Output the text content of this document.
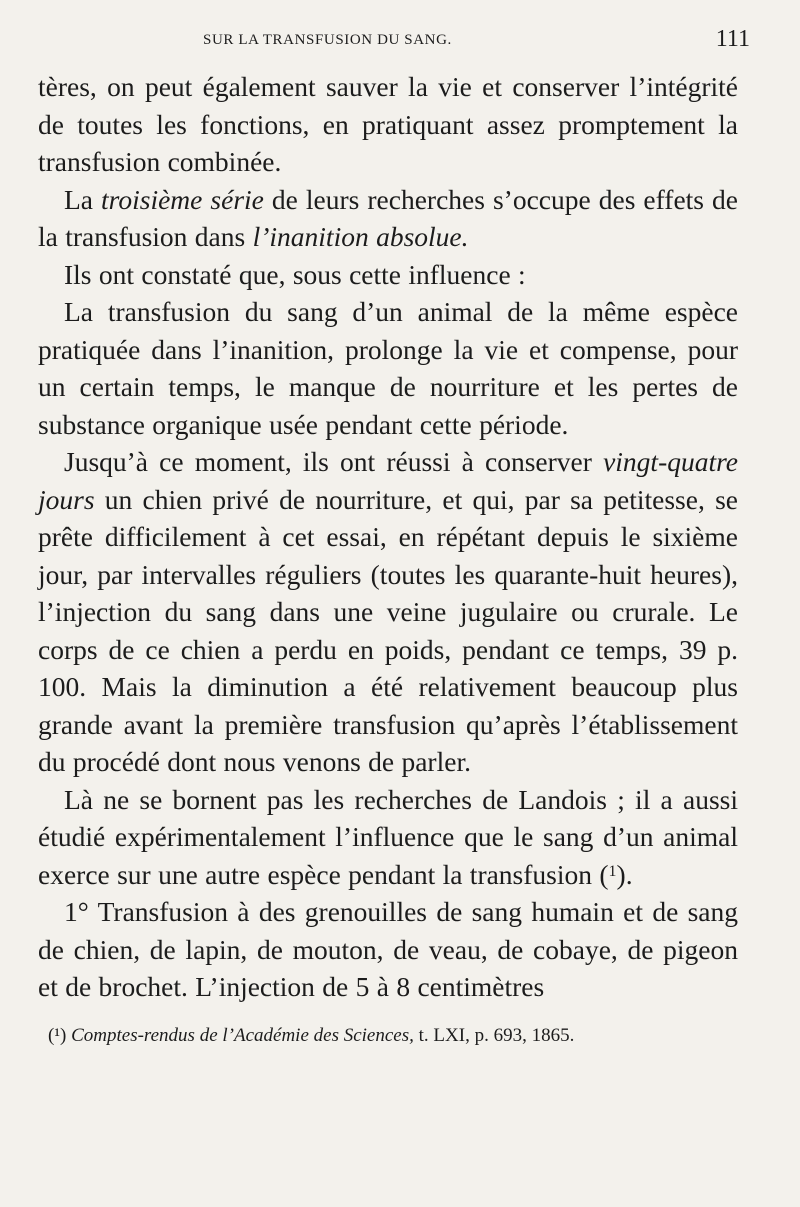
SUR LA TRANSFUSION DU SANG.	111

tères, on peut également sauver la vie et conserver l’intégrité de toutes les fonctions, en pratiquant assez promptement la transfusion combinée.

La troisième série de leurs recherches s’occupe des effets de la transfusion dans l’inanition absolue.

Ils ont constaté que, sous cette influence :

La transfusion du sang d’un animal de la même espèce pratiquée dans l’inanition, prolonge la vie et compense, pour un certain temps, le manque de nourriture et les pertes de substance organique usée pendant cette période.

Jusqu’à ce moment, ils ont réussi à conserver vingt-quatre jours un chien privé de nourriture, et qui, par sa petitesse, se prête difficilement à cet essai, en répétant depuis le sixième jour, par intervalles réguliers (toutes les quarante-huit heures), l’injection du sang dans une veine jugulaire ou crurale. Le corps de ce chien a perdu en poids, pendant ce temps, 39 p. 100. Mais la diminution a été relativement beaucoup plus grande avant la première transfusion qu’après l’établissement du procédé dont nous venons de parler.

Là ne se bornent pas les recherches de Landois ; il a aussi étudié expérimentalement l’influence que le sang d’un animal exerce sur une autre espèce pendant la transfusion ($^1$).

1° Transfusion à des grenouilles de sang humain et de sang de chien, de lapin, de mouton, de veau, de cobaye, de pigeon et de brochet. L’injection de 5 à 8 centimètres

(¹) Comptes-rendus de l’Académie des Sciences, t. LXI, p. 693, 1865.
